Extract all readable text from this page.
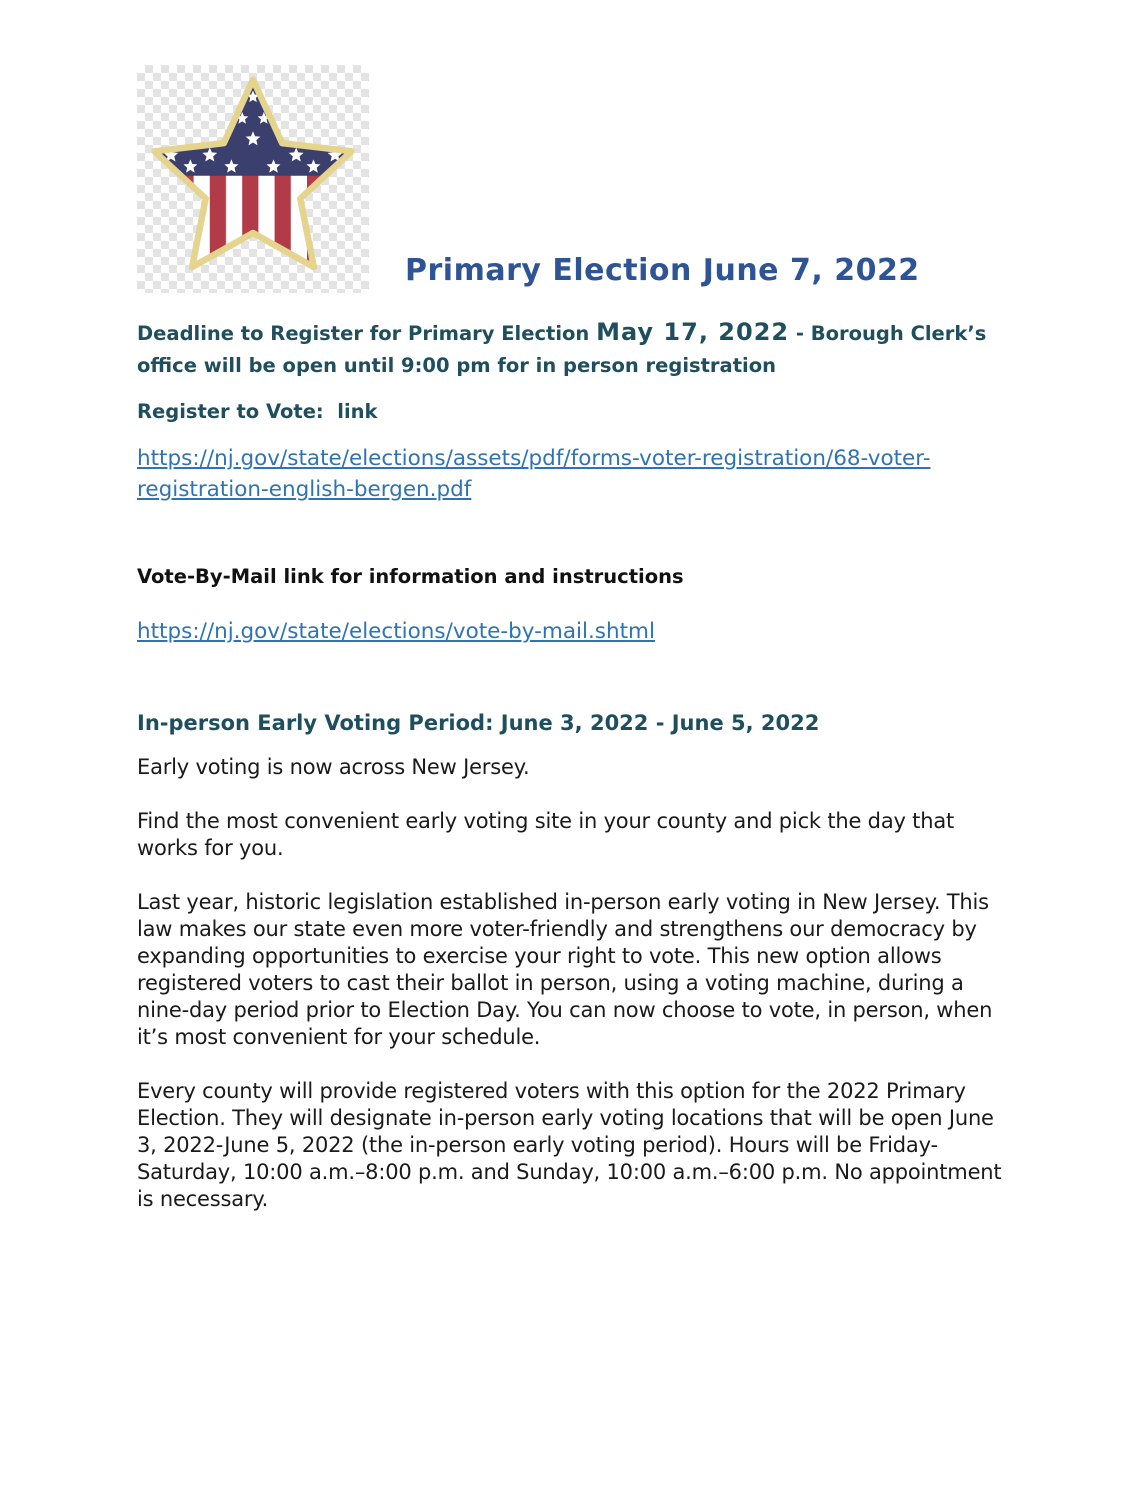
Primary Election June 7, 2022

Deadline to Register for Primary Election May 17, 2022 - Borough Clerk’s office will be open until 9:00 pm for in person registration

Register to Vote:  link

https://nj.gov/state/elections/assets/pdf/forms-voter-registration/68-voter-registration-english-bergen.pdf

Vote-By-Mail link for information and instructions

https://nj.gov/state/elections/vote-by-mail.shtml

In-person Early Voting Period: June 3, 2022 - June 5, 2022

Early voting is now across New Jersey.

Find the most convenient early voting site in your county and pick the day that works for you.

Last year, historic legislation established in-person early voting in New Jersey. This law makes our state even more voter-friendly and strengthens our democracy by expanding opportunities to exercise your right to vote. This new option allows registered voters to cast their ballot in person, using a voting machine, during a nine-day period prior to Election Day. You can now choose to vote, in person, when it’s most convenient for your schedule.

Every county will provide registered voters with this option for the 2022 Primary Election. They will designate in-person early voting locations that will be open June 3, 2022-June 5, 2022 (the in-person early voting period). Hours will be Friday-Saturday, 10:00 a.m.–8:00 p.m. and Sunday, 10:00 a.m.–6:00 p.m. No appointment is necessary.
